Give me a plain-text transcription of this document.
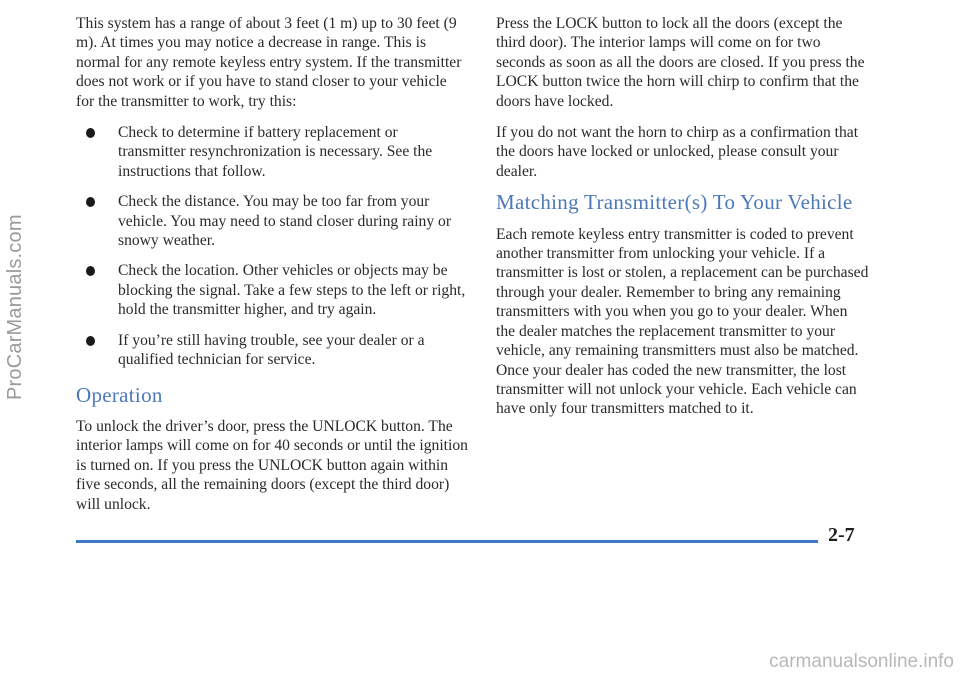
ProCarManuals.com

This system has a range of about 3 feet (1 m) up to 30 feet (9 m). At times you may notice a decrease in range. This is normal for any remote keyless entry system. If the transmitter does not work or if you have to stand closer to your vehicle for the transmitter to work, try this:

Check to determine if battery replacement or transmitter resynchronization is necessary. See the instructions that follow.
Check the distance. You may be too far from your vehicle. You may need to stand closer during rainy or snowy weather.
Check the location. Other vehicles or objects may be blocking the signal. Take a few steps to the left or right, hold the transmitter higher, and try again.
If you’re still having trouble, see your dealer or a qualified technician for service.
Operation

To unlock the driver’s door, press the UNLOCK button. The interior lamps will come on for 40 seconds or until the ignition is turned on. If you press the UNLOCK button again within five seconds, all the remaining doors (except the third door) will unlock.

Press the LOCK button to lock all the doors (except the third door). The interior lamps will come on for two seconds as soon as all the doors are closed. If you press the LOCK button twice the horn will chirp to confirm that the doors have locked.

If you do not want the horn to chirp as a confirmation that the doors have locked or unlocked, please consult your dealer.

Matching Transmitter(s) To Your Vehicle

Each remote keyless entry transmitter is coded to prevent another transmitter from unlocking your vehicle. If a transmitter is lost or stolen, a replacement can be purchased through your dealer. Remember to bring any remaining transmitters with you when you go to your dealer. When the dealer matches the replacement transmitter to your vehicle, any remaining transmitters must also be matched. Once your dealer has coded the new transmitter, the lost transmitter will not unlock your vehicle. Each vehicle can have only four transmitters matched to it.

2-7
carmanualsonline.info
